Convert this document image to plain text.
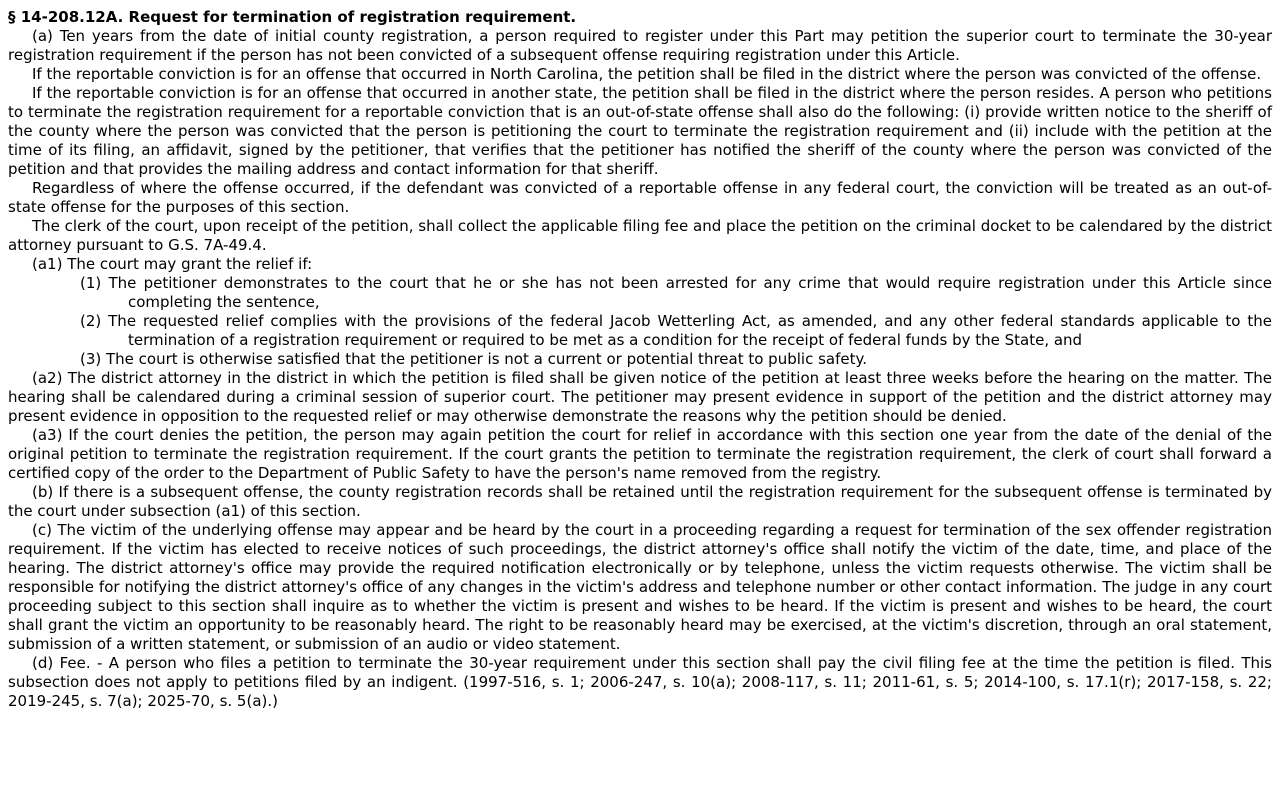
§ 14-208.12A. Request for termination of registration requirement.

(a) Ten years from the date of initial county registration, a person required to register under this Part may petition the superior court to terminate the 30-year registration requirement if the person has not been convicted of a subsequent offense requiring registration under this Article.

If the reportable conviction is for an offense that occurred in North Carolina, the petition shall be filed in the district where the person was convicted of the offense.

If the reportable conviction is for an offense that occurred in another state, the petition shall be filed in the district where the person resides. A person who petitions to terminate the registration requirement for a reportable conviction that is an out-of-state offense shall also do the following: (i) provide written notice to the sheriff of the county where the person was convicted that the person is petitioning the court to terminate the registration requirement and (ii) include with the petition at the time of its filing, an affidavit, signed by the petitioner, that verifies that the petitioner has notified the sheriff of the county where the person was convicted of the petition and that provides the mailing address and contact information for that sheriff.

Regardless of where the offense occurred, if the defendant was convicted of a reportable offense in any federal court, the conviction will be treated as an out-of-state offense for the purposes of this section.

The clerk of the court, upon receipt of the petition, shall collect the applicable filing fee and place the petition on the criminal docket to be calendared by the district attorney pursuant to G.S. 7A-49.4.

(a1) The court may grant the relief if:

(1) The petitioner demonstrates to the court that he or she has not been arrested for any crime that would require registration under this Article since completing the sentence,

(2) The requested relief complies with the provisions of the federal Jacob Wetterling Act, as amended, and any other federal standards applicable to the termination of a registration requirement or required to be met as a condition for the receipt of federal funds by the State, and

(3) The court is otherwise satisfied that the petitioner is not a current or potential threat to public safety.

(a2) The district attorney in the district in which the petition is filed shall be given notice of the petition at least three weeks before the hearing on the matter. The hearing shall be calendared during a criminal session of superior court. The petitioner may present evidence in support of the petition and the district attorney may present evidence in opposition to the requested relief or may otherwise demonstrate the reasons why the petition should be denied.

(a3) If the court denies the petition, the person may again petition the court for relief in accordance with this section one year from the date of the denial of the original petition to terminate the registration requirement. If the court grants the petition to terminate the registration requirement, the clerk of court shall forward a certified copy of the order to the Department of Public Safety to have the person's name removed from the registry.

(b) If there is a subsequent offense, the county registration records shall be retained until the registration requirement for the subsequent offense is terminated by the court under subsection (a1) of this section.

(c) The victim of the underlying offense may appear and be heard by the court in a proceeding regarding a request for termination of the sex offender registration requirement. If the victim has elected to receive notices of such proceedings, the district attorney's office shall notify the victim of the date, time, and place of the hearing. The district attorney's office may provide the required notification electronically or by telephone, unless the victim requests otherwise. The victim shall be responsible for notifying the district attorney's office of any changes in the victim's address and telephone number or other contact information. The judge in any court proceeding subject to this section shall inquire as to whether the victim is present and wishes to be heard. If the victim is present and wishes to be heard, the court shall grant the victim an opportunity to be reasonably heard. The right to be reasonably heard may be exercised, at the victim's discretion, through an oral statement, submission of a written statement, or submission of an audio or video statement.

(d) Fee. - A person who files a petition to terminate the 30-year requirement under this section shall pay the civil filing fee at the time the petition is filed. This subsection does not apply to petitions filed by an indigent. (1997-516, s. 1; 2006-247, s. 10(a); 2008-117, s. 11; 2011-61, s. 5; 2014-100, s. 17.1(r); 2017-158, s. 22; 2019-245, s. 7(a); 2025-70, s. 5(a).)
